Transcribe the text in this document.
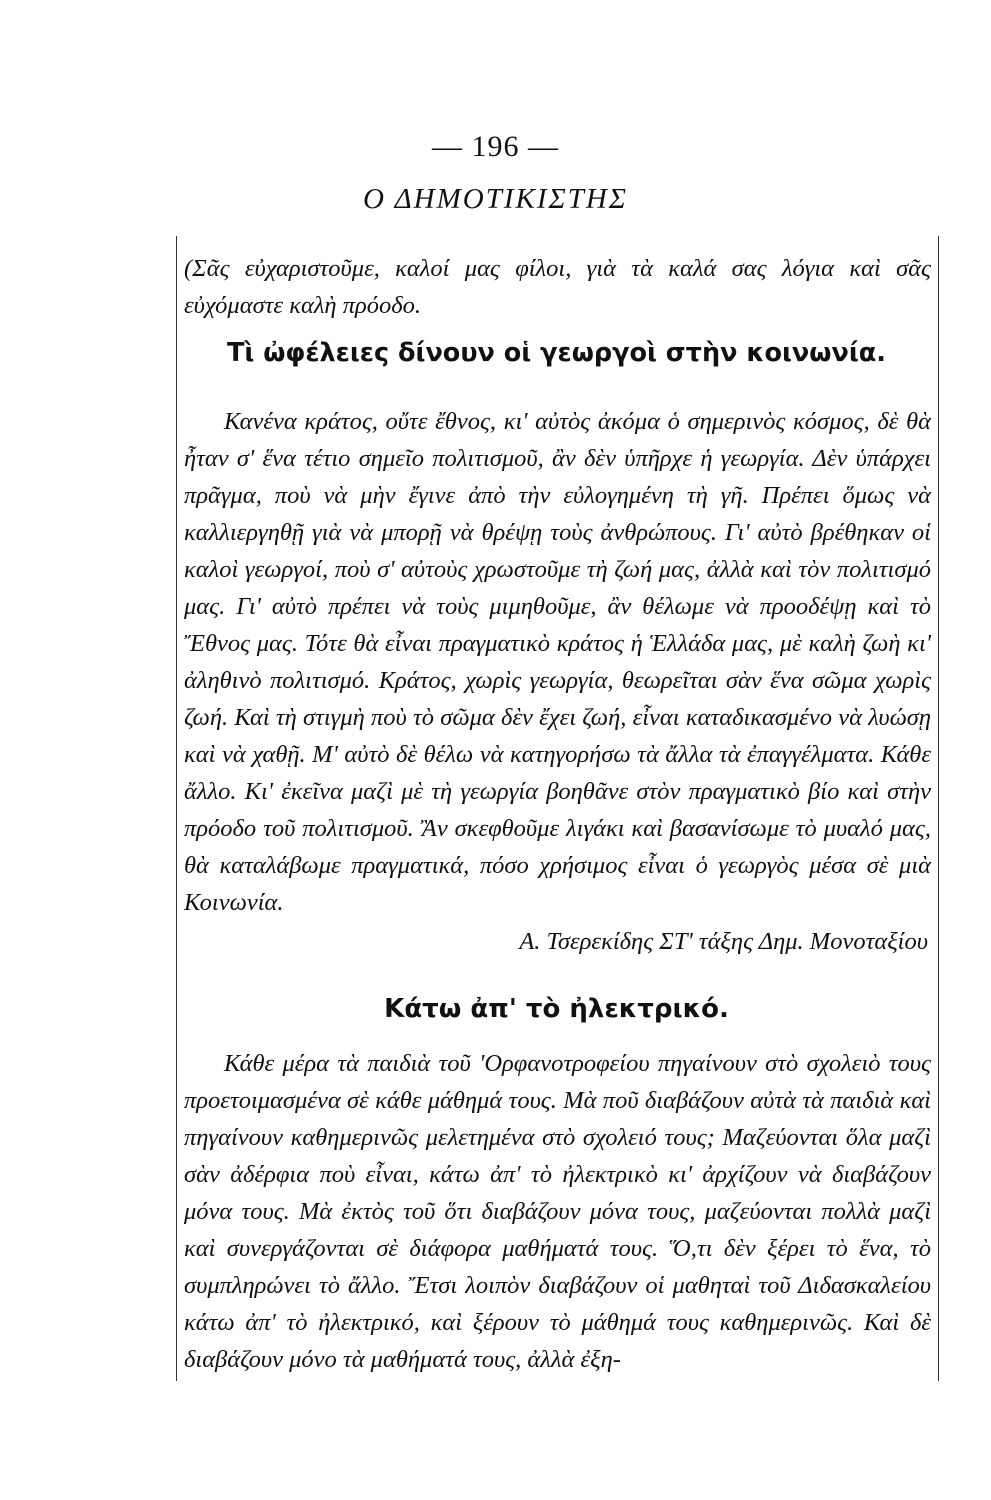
— 196 —
Ο ΔΗΜΟΤΙΚΙΣΤΗΣ

(Σᾶς εὐχαριστοῦμε, καλοί μας φίλοι, γιὰ τὰ καλά σας λόγια καὶ σᾶς εὐχόμαστε καλὴ πρόοδο.

Τὶ ὠφέλειες δίνουν οἱ γεωργοὶ στὴν κοινωνία.

Κανένα κράτος, οὔτε ἔθνος, κι' αὐτὸς ἀκόμα ὁ σημερινὸς κόσμος, δὲ θὰ ἦταν σ' ἕνα τέτιο σημεῖο πολιτισμοῦ, ἂν δὲν ὑπῆρχε ἡ γεωργία. Δὲν ὑπάρχει πρᾶγμα, ποὺ νὰ μὴν ἔγινε ἀπὸ τὴν εὐλογημένη τὴ γῆ. Πρέπει ὅμως νὰ καλλιεργηθῇ γιὰ νὰ μπορῇ νὰ θρέψῃ τοὺς ἀνθρώπους. Γι' αὐτὸ βρέθηκαν οἱ καλοὶ γεωργοί, ποὺ σ' αὐτοὺς χρωστοῦμε τὴ ζωή μας, ἀλλὰ καὶ τὸν πολιτισμό μας. Γι' αὐτὸ πρέπει νὰ τοὺς μιμηθοῦμε, ἂν θέλωμε νὰ προοδέψῃ καὶ τὸ Ἔθνος μας. Τότε θὰ εἶναι πραγματικὸ κράτος ἡ Ἑλλάδα μας, μὲ καλὴ ζωὴ κι' ἀληθινὸ πολιτισμό. Κράτος, χωρὶς γεωργία, θεωρεῖται σὰν ἕνα σῶμα χωρὶς ζωή. Καὶ τὴ στιγμὴ ποὺ τὸ σῶμα δὲν ἔχει ζωή, εἶναι καταδικασμένο νὰ λυώσῃ καὶ νὰ χαθῇ. Μ' αὐτὸ δὲ θέλω νὰ κατηγορήσω τὰ ἄλλα τὰ ἐπαγγέλματα. Κάθε ἄλλο. Κι' ἐκεῖνα μαζὶ μὲ τὴ γεωργία βοηθᾶνε στὸν πραγματικὸ βίο καὶ στὴν πρόοδο τοῦ πολιτισμοῦ. Ἂν σκεφθοῦμε λιγάκι καὶ βασανίσωμε τὸ μυαλό μας, θὰ καταλάβωμε πραγματικά, πόσο χρήσιμος εἶναι ὁ γεωργὸς μέσα σὲ μιὰ Κοινωνία.

Α. Τσερεκίδης ΣΤ' τάξης Δημ. Μονοταξίου
Κάτω ἀπ' τὸ ἠλεκτρικό.

Κάθε μέρα τὰ παιδιὰ τοῦ 'Ορφανοτροφείου πηγαίνουν στὸ σχολειὸ τους προετοιμασμένα σὲ κάθε μάθημά τους. Μὰ ποῦ διαβάζουν αὐτὰ τὰ παιδιὰ καὶ πηγαίνουν καθημερινῶς μελετημένα στὸ σχολειό τους; Μαζεύονται ὅλα μαζὶ σὰν ἀδέρφια ποὺ εἶναι, κάτω ἀπ' τὸ ἠλεκτρικὸ κι' ἀρχίζουν νὰ διαβάζουν μόνα τους. Μὰ ἐκτὸς τοῦ ὅτι διαβάζουν μόνα τους, μαζεύονται πολλὰ μαζὶ καὶ συνεργάζονται σὲ διάφορα μαθήματά τους. Ὅ,τι δὲν ξέρει τὸ ἕνα, τὸ συμπληρώνει τὸ ἄλλο. Ἔτσι λοιπὸν διαβάζουν οἱ μαθηταὶ τοῦ Διδασκαλείου κάτω ἀπ' τὸ ἠλεκτρικό, καὶ ξέρουν τὸ μάθημά τους καθημερινῶς. Καὶ δὲ διαβάζουν μόνο τὰ μαθήματά τους, ἀλλὰ ἐξη-
